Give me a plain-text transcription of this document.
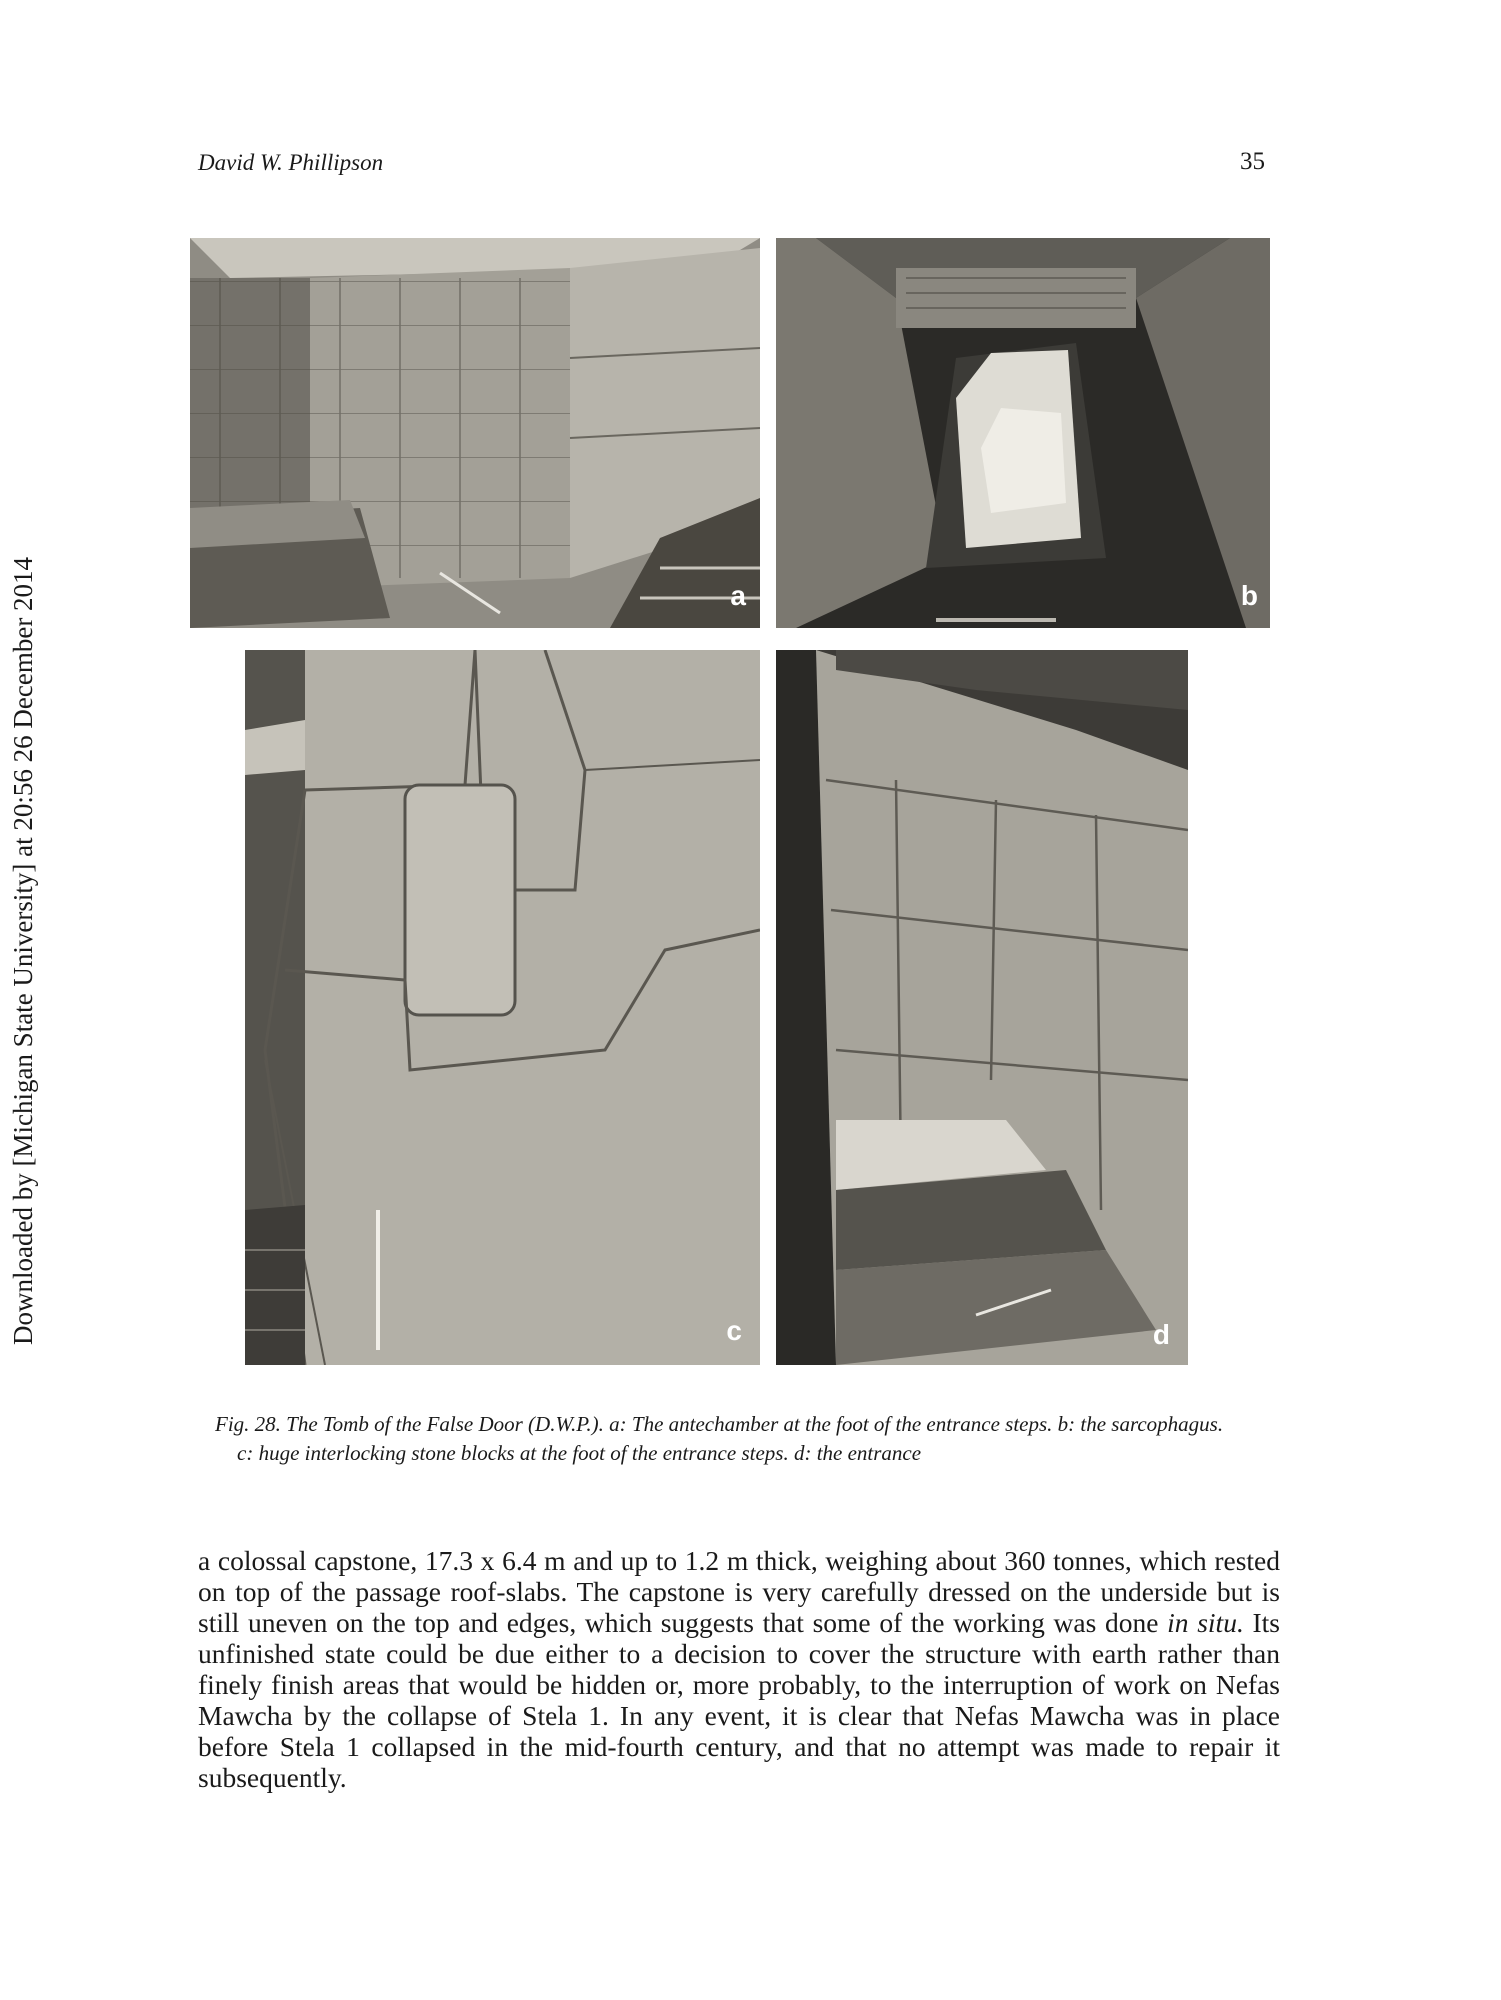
David W. Phillipson	35
Downloaded by [Michigan State University] at 20:56 26 December 2014	a	b
c	d
Fig. 28. The Tomb of the False Door (D.W.P.). a: The antechamber at the foot of the entrance steps. b: the sarcophagus.
c: huge interlocking stone blocks at the foot of the entrance steps. d: the entrance

a colossal capstone, 17.3 x 6.4 m and up to 1.2 m thick, weighing about 360 tonnes, which rested on top of the passage roof-slabs. The capstone is very carefully dressed on the underside but is still uneven on the top and edges, which suggests that some of the working was done in situ. Its unfinished state could be due either to a decision to cover the structure with earth rather than finely finish areas that would be hidden or, more probably, to the interruption of work on Nefas Mawcha by the collapse of Stela 1. In any event, it is clear that Nefas Mawcha was in place before Stela 1 collapsed in the mid-fourth century, and that no attempt was made to repair it subsequently.
